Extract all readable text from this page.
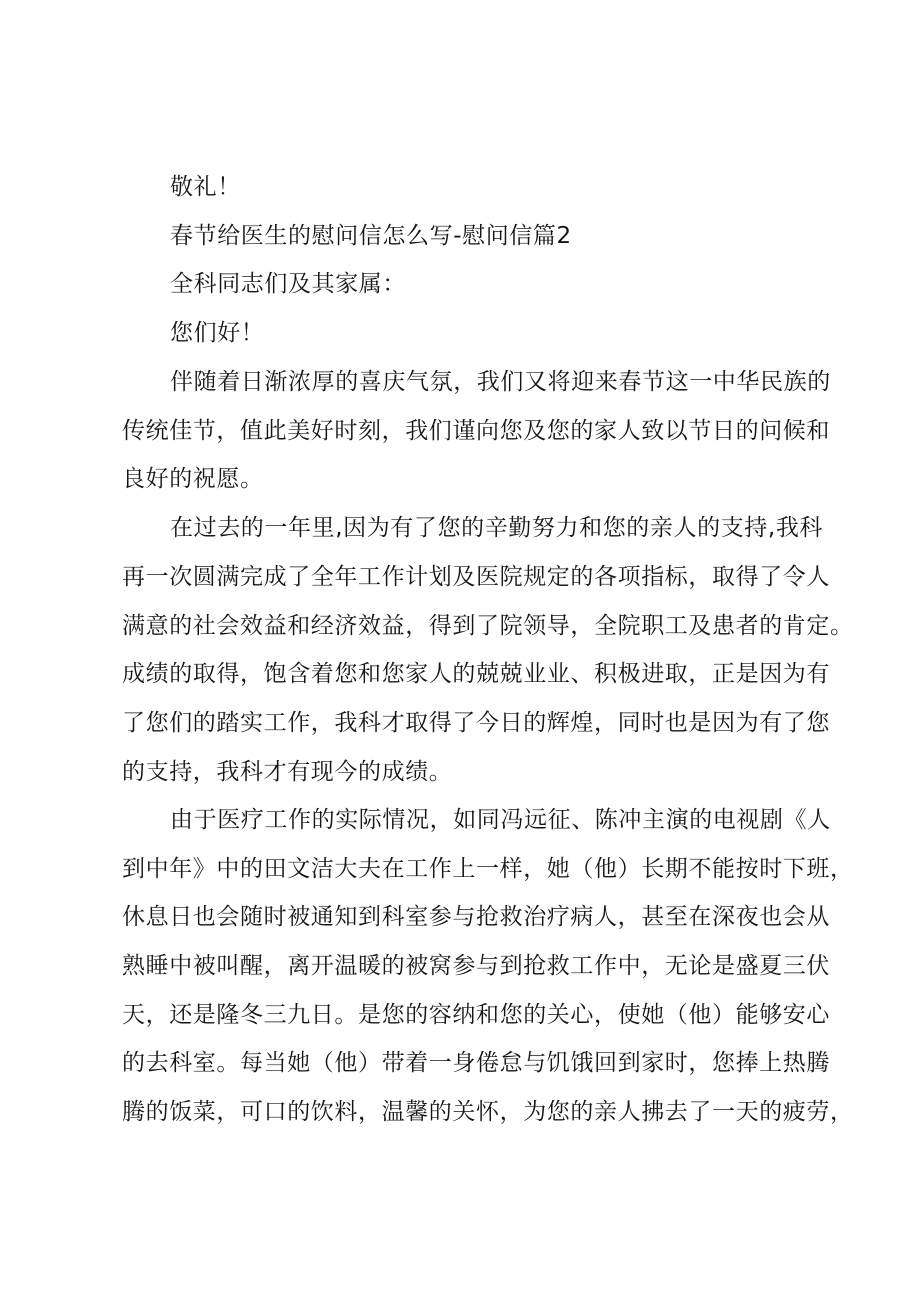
敬礼！
春节给医生的慰问信怎么写-慰问信篇2
全科同志们及其家属：
您们好！
伴随着日渐浓厚的喜庆气氛，我们又将迎来春节这一中华民族的
传统佳节，值此美好时刻，我们谨向您及您的家人致以节日的问候和
良好的祝愿。
在过去的一年里,因为有了您的辛勤努力和您的亲人的支持,我科
再一次圆满完成了全年工作计划及医院规定的各项指标，取得了令人
满意的社会效益和经济效益，得到了院领导，全院职工及患者的肯定。
成绩的取得，饱含着您和您家人的兢兢业业、积极进取，正是因为有
了您们的踏实工作，我科才取得了今日的辉煌，同时也是因为有了您
的支持，我科才有现今的成绩。
由于医疗工作的实际情况，如同冯远征、陈冲主演的电视剧《人
到中年》中的田文洁大夫在工作上一样，她（他）长期不能按时下班，
休息日也会随时被通知到科室参与抢救治疗病人，甚至在深夜也会从
熟睡中被叫醒，离开温暖的被窝参与到抢救工作中，无论是盛夏三伏
天，还是隆冬三九日。是您的容纳和您的关心，使她（他）能够安心
的去科室。每当她（他）带着一身倦怠与饥饿回到家时，您捧上热腾
腾的饭菜，可口的饮料，温馨的关怀，为您的亲人拂去了一天的疲劳，
